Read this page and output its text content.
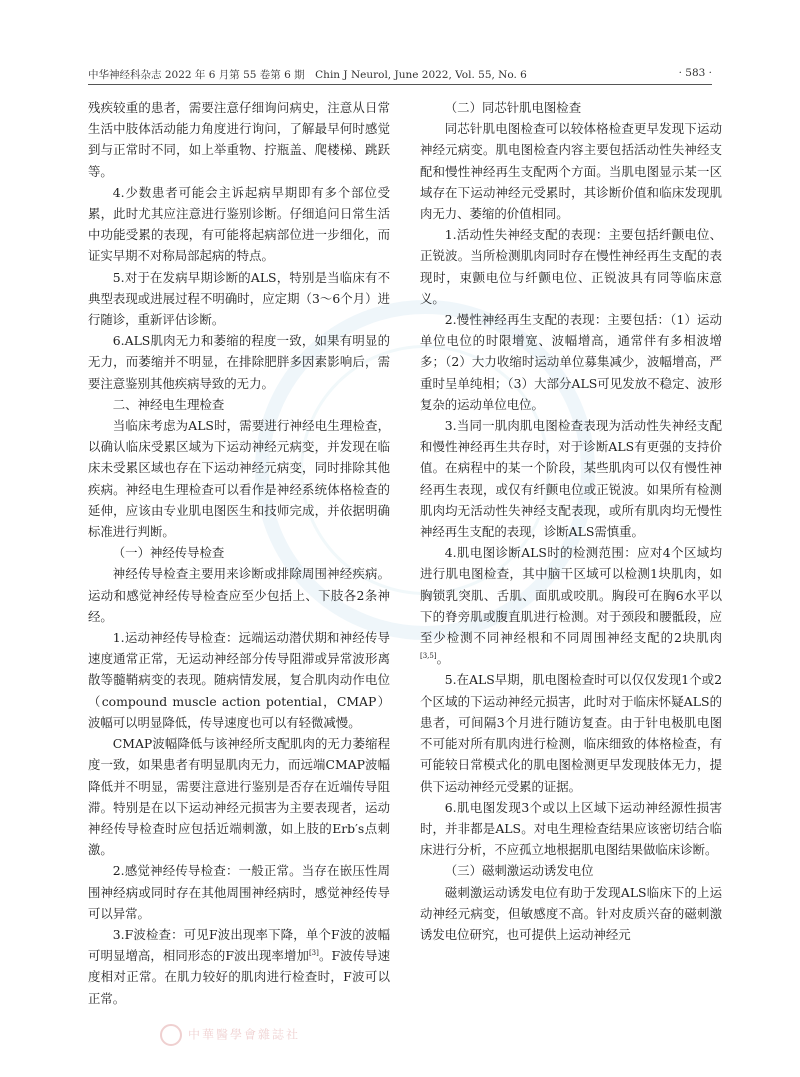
中华神经科杂志 2022 年 6 月第 55 卷第 6 期　Chin J Neurol, June 2022, Vol. 55, No. 6	· 583 ·

残疾较重的患者，需要注意仔细询问病史，注意从日常生活中肢体活动能力角度进行询问，了解最早何时感觉到与正常时不同，如上举重物、拧瓶盖、爬楼梯、跳跃等。

4.少数患者可能会主诉起病早期即有多个部位受累，此时尤其应注意进行鉴别诊断。仔细追问日常生活中功能受累的表现，有可能将起病部位进一步细化，而证实早期不对称局部起病的特点。

5.对于在发病早期诊断的ALS，特别是当临床有不典型表现或进展过程不明确时，应定期（3～6个月）进行随诊，重新评估诊断。

6.ALS肌肉无力和萎缩的程度一致，如果有明显的无力，而萎缩并不明显，在排除肥胖多因素影响后，需要注意鉴别其他疾病导致的无力。

二、神经电生理检查

当临床考虑为ALS时，需要进行神经电生理检查，以确认临床受累区域为下运动神经元病变，并发现在临床未受累区域也存在下运动神经元病变，同时排除其他疾病。神经电生理检查可以看作是神经系统体格检查的延伸，应该由专业肌电图医生和技师完成，并依据明确标准进行判断。

（一）神经传导检查

神经传导检查主要用来诊断或排除周围神经疾病。运动和感觉神经传导检查应至少包括上、下肢各2条神经。

1.运动神经传导检查：远端运动潜伏期和神经传导速度通常正常，无运动神经部分传导阻滞或异常波形离散等髓鞘病变的表现。随病情发展，复合肌肉动作电位（compound muscle action potential，CMAP）波幅可以明显降低，传导速度也可以有轻微减慢。

CMAP波幅降低与该神经所支配肌肉的无力萎缩程度一致，如果患者有明显肌肉无力，而远端CMAP波幅降低并不明显，需要注意进行鉴别是否存在近端传导阻滞。特别是在以下运动神经元损害为主要表现者，运动神经传导检查时应包括近端刺激，如上肢的Erb′s点刺激。

2.感觉神经传导检查：一般正常。当存在嵌压性周围神经病或同时存在其他周围神经病时，感觉神经传导可以异常。

3.F波检查：可见F波出现率下降，单个F波的波幅可明显增高，相同形态的F波出现率增加[3]。F波传导速度相对正常。在肌力较好的肌肉进行检查时，F波可以正常。

（二）同芯针肌电图检查

同芯针肌电图检查可以较体格检查更早发现下运动神经元病变。肌电图检查内容主要包括活动性失神经支配和慢性神经再生支配两个方面。当肌电图显示某一区域存在下运动神经元受累时，其诊断价值和临床发现肌肉无力、萎缩的价值相同。

1.活动性失神经支配的表现：主要包括纤颤电位、正锐波。当所检测肌肉同时存在慢性神经再生支配的表现时，束颤电位与纤颤电位、正锐波具有同等临床意义。

2.慢性神经再生支配的表现：主要包括：（1）运动单位电位的时限增宽、波幅增高，通常伴有多相波增多；（2）大力收缩时运动单位募集减少，波幅增高，严重时呈单纯相；（3）大部分ALS可见发放不稳定、波形复杂的运动单位电位。

3.当同一肌肉肌电图检查表现为活动性失神经支配和慢性神经再生共存时，对于诊断ALS有更强的支持价值。在病程中的某一个阶段，某些肌肉可以仅有慢性神经再生表现，或仅有纤颤电位或正锐波。如果所有检测肌肉均无活动性失神经支配表现，或所有肌肉均无慢性神经再生支配的表现，诊断ALS需慎重。

4.肌电图诊断ALS时的检测范围：应对4个区域均进行肌电图检查，其中脑干区域可以检测1块肌肉，如胸锁乳突肌、舌肌、面肌或咬肌。胸段可在胸6水平以下的脊旁肌或腹直肌进行检测。对于颈段和腰骶段，应至少检测不同神经根和不同周围神经支配的2块肌肉[3,5]。

5.在ALS早期，肌电图检查时可以仅仅发现1个或2个区域的下运动神经元损害，此时对于临床怀疑ALS的患者，可间隔3个月进行随访复查。由于针电极肌电图不可能对所有肌肉进行检测，临床细致的体格检查，有可能较日常模式化的肌电图检测更早发现肢体无力，提供下运动神经元受累的证据。

6.肌电图发现3个或以上区域下运动神经源性损害时，并非都是ALS。对电生理检查结果应该密切结合临床进行分析，不应孤立地根据肌电图结果做临床诊断。

（三）磁刺激运动诱发电位

磁刺激运动诱发电位有助于发现ALS临床下的上运动神经元病变，但敏感度不高。针对皮质兴奋的磁刺激诱发电位研究，也可提供上运动神经元

中華醫學會雜誌社
